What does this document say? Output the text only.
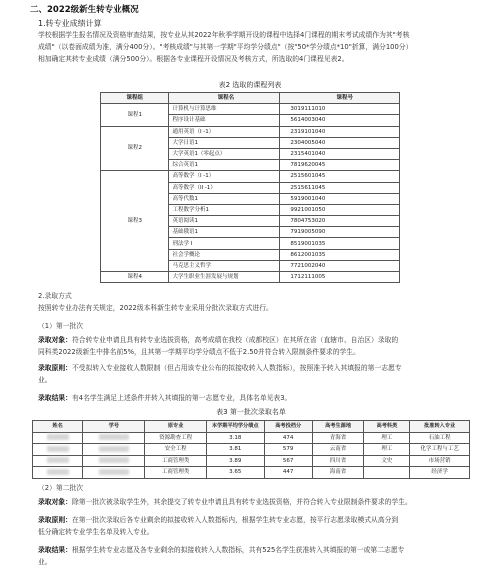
二、2022级新生转专业概况
1.转专业成绩计算

学校根据学生报名情况及资格审查结果，按专业从其2022年秋季学期开设的课程中选择4门课程的期末考试成绩作为其"考核
成绩"（以卷面成绩为准，满分400分）。"考核成绩"与其第一学期"平均学分绩点"（按"50*学分绩点*10"折算，满分100分）
相加确定其转专业成绩（满分500分）。根据各专业课程开设情况及考核方式，所选取的4门课程见表2。

表2 选取的课程列表
课程组	课程名	课程号
课程1	计算机与计算思维	3019111010
	程序设计基础	5614003040
课程2	通用英语（I -1）	2319101040
	大学日语1	2304005040
	大学英语1（零起点）	2315401040
	综合英语1	7819620045
课程3	高等数学（I -1）	2515601045
	高等数学（II -1）	2515611045
	高等代数1	5919001040
	工程数学分析1	9921001050
	英语阅读1	7804753020
	基础俄语1	7919005090
	刑法学 I	8519001035
	社会学概论	8612001035
	马克思主义哲学	7721002040
课程4	大学生职业生涯发展与规划	1712111005

2.录取方式

按照转专业办法有关规定，2022级本科新生转专业采用分批次录取方式进行。

（1）第一批次

录取对象：符合转专业申请且具有转专业选拔资格，高考成绩在我校（成都校区）在其所在省（直辖市、自治区）录取的
同科类2022级新生中排名前5%，且其第一学期平均学分绩点不低于2.50并符合转入限制条件要求的学生。

录取原则：不受拟转入专业接收人数限制（但占用该专业公布的拟接收转入人数指标），按照准予转入其填报的第一志愿专
业。

录取结果：有4名学生满足上述条件并转入其填报的第一志愿专业，具体名单见表3。

表3 第一批次录取名单
姓名	学号	原专业	本学期平均学分绩点	高考投档分	高考生源地	高考科类	批准转入专业
		资源勘查工程	3.18	474	青海省	理工	石油工程
		安全工程	3.81	579	云南省	理工	化学工程与工艺
		工商管理类	3.89	567	四川省	文史	市场营销
		工商管理类	3.65	447	海南省		经济学

（2）第二批次

录取对象：除第一批次被录取学生外，其余提交了转专业申请且具有转专业选拔资格，并符合转入专业限制条件要求的学生。

录取原则：在第一批次录取后各专业剩余的拟接收转入人数指标内，根据学生转专业志愿，按平行志愿录取模式从高分到
低分确定转专业学生名单及转入专业。

录取结果：根据学生转专业志愿及各专业剩余的拟接收转入人数指标，共有525名学生获准转入其填报的第一或第二志愿专
业。
